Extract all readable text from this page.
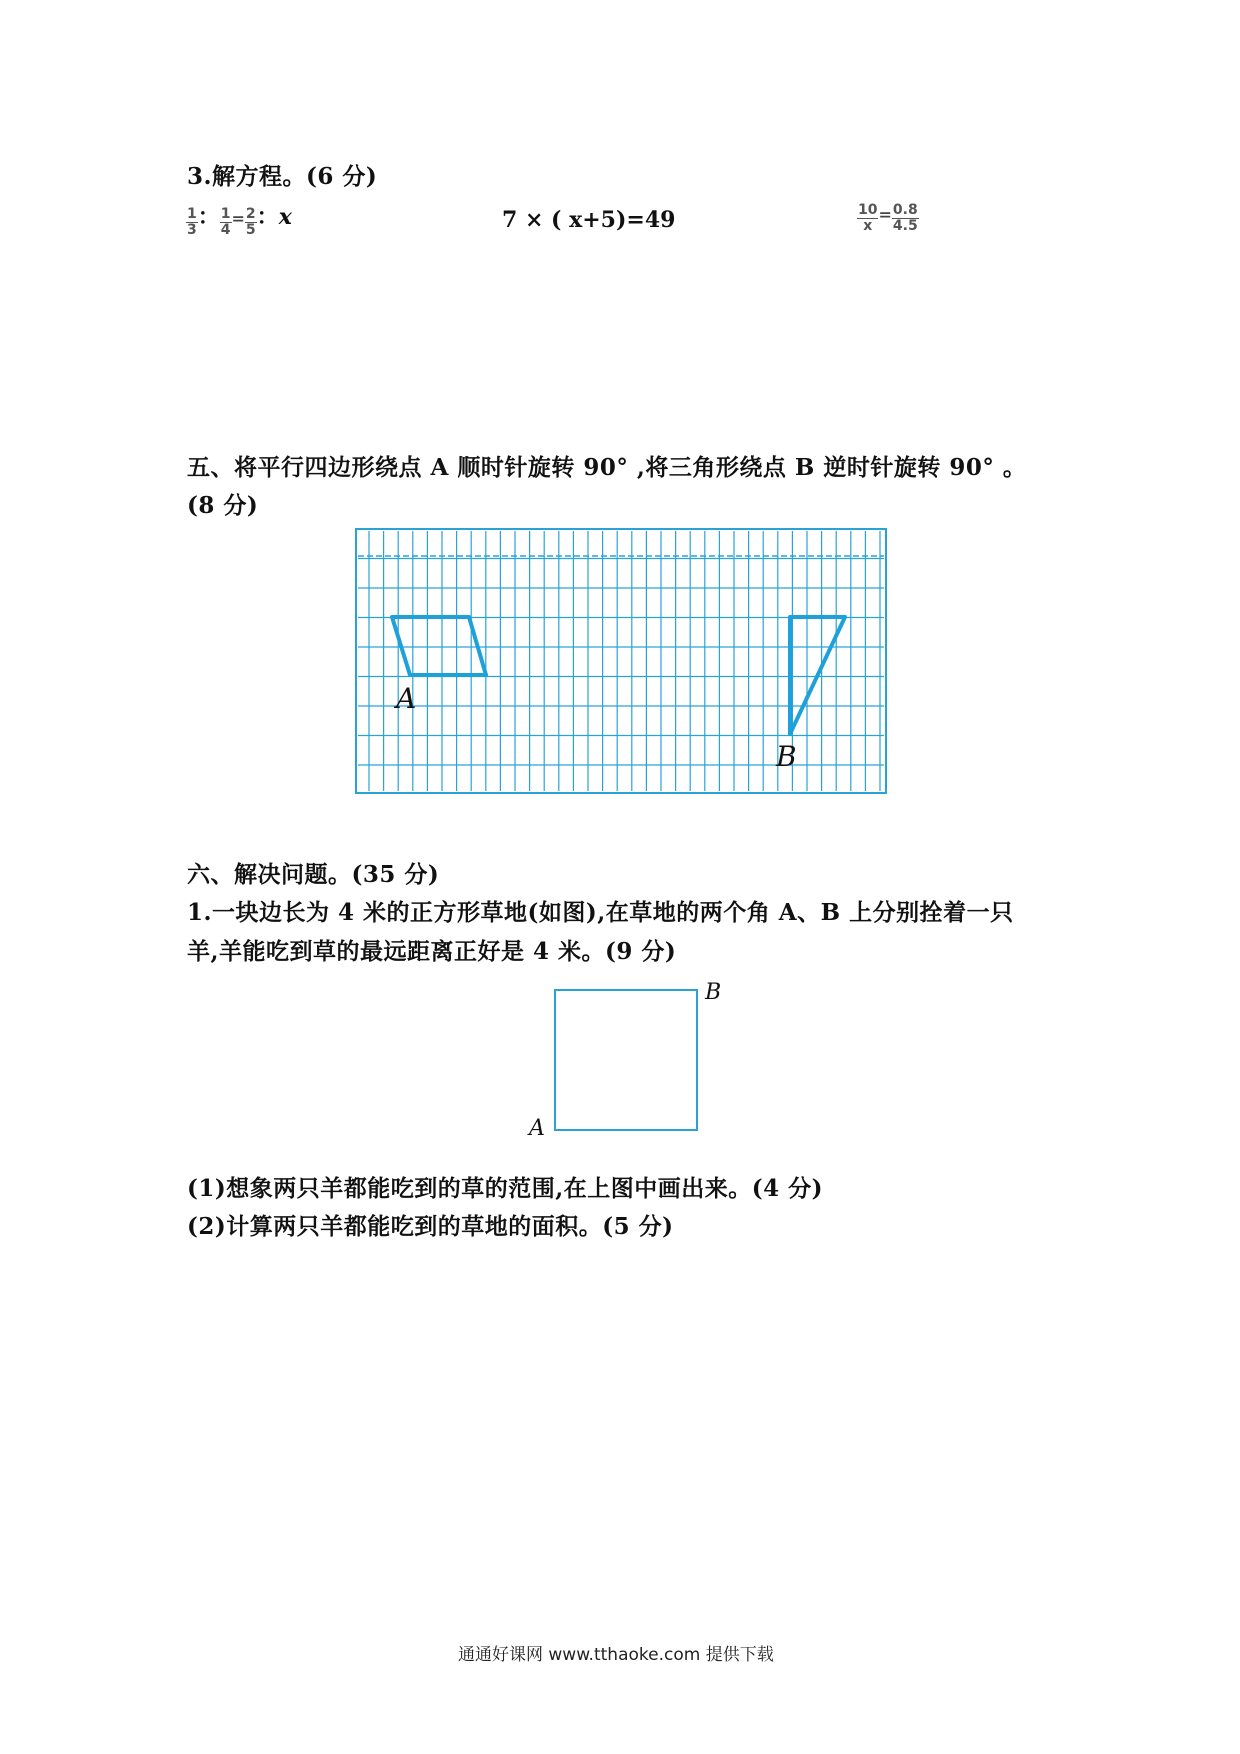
3.解方程。(6 分)
$\frac{1}{3}$ ： $\frac{1}{4} = \frac{2}{5}$ ：x	7 × ( x+5)=49	$\frac{10}{x} = \frac{0.8}{4.5}$
五、将平行四边形绕点 A 顺时针旋转 90° ,将三角形绕点 B 逆时针旋转 90° 。
(8 分)
A
B
六、解决问题。(35 分)
1.一块边长为 4 米的正方形草地(如图),在草地的两个角 A、B 上分别拴着一只
羊,羊能吃到草的最远距离正好是 4 米。(9 分)
B
A
(1)想象两只羊都能吃到的草的范围,在上图中画出来。(4 分)
(2)计算两只羊都能吃到的草地的面积。(5 分)
通通好课网 www.tthaoke.com 提供下载
